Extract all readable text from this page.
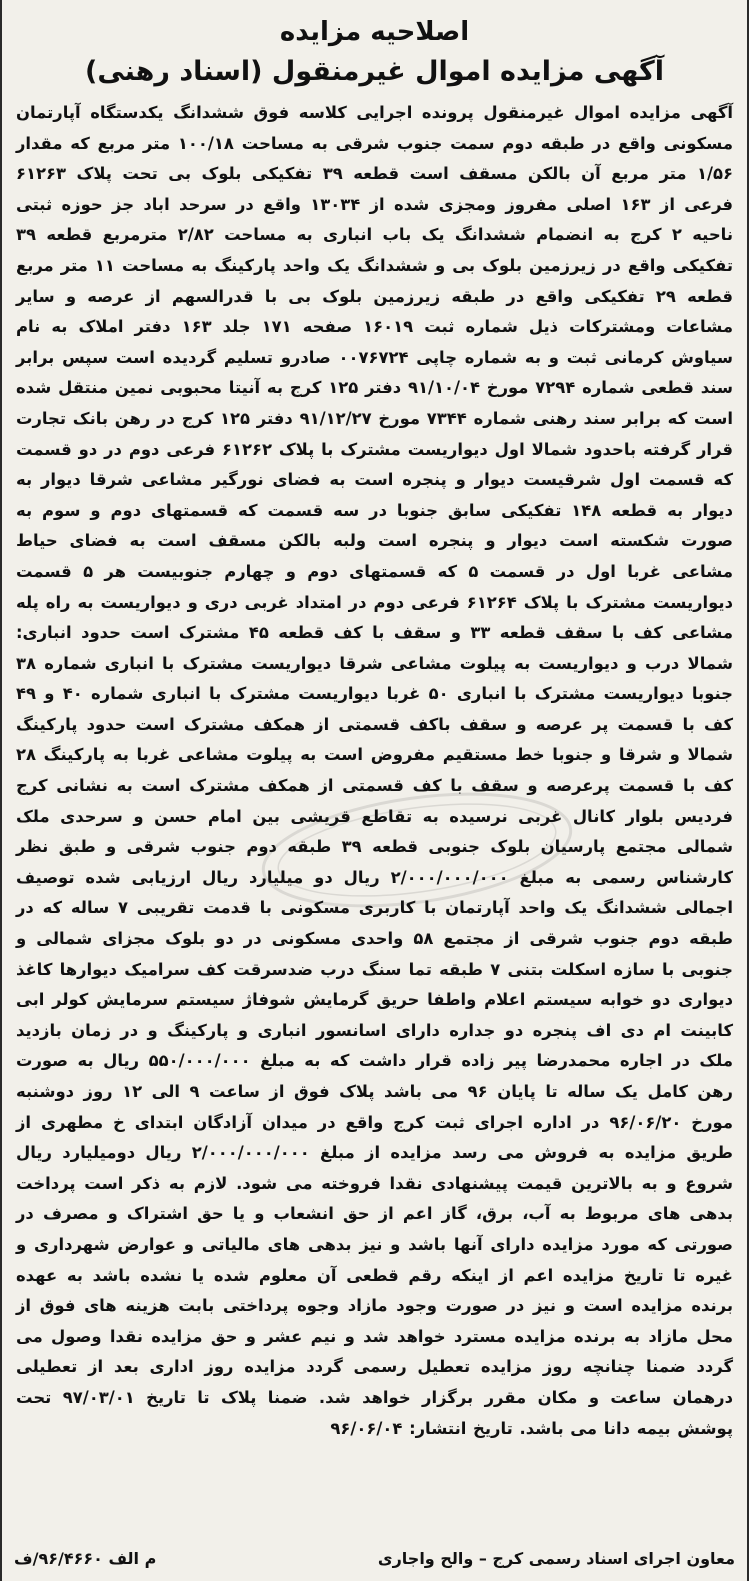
اصلاحیه مزایده
آگهی مزایده اموال غیرمنقول (اسناد رهنی)

آگهی مزایده اموال غیرمنقول پرونده اجرایی کلاسه فوق ششدانگ یکدستگاه آپارتمان مسکونی واقع در طبقه دوم سمت جنوب شرقی به مساحت ۱۰۰/۱۸ متر مربع که مقدار ۱/۵۶ متر مربع آن بالکن مسقف است قطعه ۳۹ تفکیکی بلوک بی تحت پلاک ۶۱۲۶۳ فرعی از ۱۶۳ اصلی مفروز ومجزی شده از ۱۳۰۳۴ واقع در سرحد اباد جز حوزه ثبتی ناحیه ۲ کرج به انضمام ششدانگ یک باب انباری به مساحت ۲/۸۲ مترمربع قطعه ۳۹ تفکیکی واقع در زیرزمین بلوک بی و ششدانگ یک واحد پارکینگ به مساحت ۱۱ متر مربع قطعه ۲۹ تفکیکی واقع در طبقه زیرزمین بلوک بی با قدرالسهم از عرصه و سایر مشاعات ومشترکات ذیل شماره ثبت ۱۶۰۱۹ صفحه ۱۷۱ جلد ۱۶۳ دفتر املاک به نام سیاوش کرمانی ثبت و به شماره چاپی ۰۰۷۶۷۲۴ صادرو تسلیم گردیده است سپس برابر سند قطعی شماره ۷۲۹۴ مورخ ۹۱/۱۰/۰۴ دفتر ۱۲۵ کرج به آنیتا محبوبی نمین منتقل شده است که برابر سند رهنی شماره ۷۳۴۴ مورخ ۹۱/۱۲/۲۷ دفتر ۱۲۵ کرج در رهن بانک تجارت قرار گرفته باحدود شمالا اول دیواریست مشترک با پلاک ۶۱۲۶۲ فرعی دوم در دو قسمت که قسمت اول شرقیست دیوار و پنجره است به فضای نورگیر مشاعی شرقا دیوار به دیوار به قطعه ۱۴۸ تفکیکی سابق جنوبا در سه قسمت که قسمتهای دوم و سوم به صورت شکسته است دیوار و پنجره است ولبه بالکن مسقف است به فضای حیاط مشاعی غربا اول در قسمت ۵ که قسمتهای دوم و چهارم جنوبیست هر ۵ قسمت دیواریست مشترک با پلاک ۶۱۲۶۴ فرعی دوم در امتداد غربی دری و دیواریست به راه پله مشاعی کف با سقف قطعه ۳۳ و سقف با کف قطعه ۴۵ مشترک است حدود انباری: شمالا درب و دیواریست به پیلوت مشاعی شرقا دیواریست مشترک با انباری شماره ۳۸ جنوبا دیواریست مشترک با انباری ۵۰ غربا دیواریست مشترک با انباری شماره ۴۰ و ۴۹ کف با قسمت پر عرصه و سقف باکف قسمتی از همکف مشترک است حدود پارکینگ شمالا و شرقا و جنوبا خط مستقیم مفروض است به پیلوت مشاعی غربا به پارکینگ ۲۸ کف با قسمت پرعرصه و سقف با کف قسمتی از همکف مشترک است به نشانی کرج فردیس بلوار کانال غربی نرسیده به تقاطع قریشی بین امام حسن و سرحدی ملک شمالی مجتمع پارسیان بلوک جنوبی قطعه ۳۹ طبقه دوم جنوب شرقی و طبق نظر کارشناس رسمی به مبلغ ۲/۰۰۰/۰۰۰/۰۰۰ ریال دو میلیارد ریال ارزیابی شده توصیف اجمالی ششدانگ یک واحد آپارتمان با کاربری مسکونی با قدمت تقریبی ۷ ساله که در طبقه دوم جنوب شرقی از مجتمع ۵۸ واحدی مسکونی در دو بلوک مجزای شمالی و جنوبی با سازه اسکلت بتنی ۷ طبقه تما سنگ درب ضدسرقت کف سرامیک دیوارها کاغذ دیواری دو خوابه سیستم اعلام واطفا حریق گرمایش شوفاژ سیستم سرمایش کولر ابی کابینت ام دی اف پنجره دو جداره دارای اسانسور انباری و پارکینگ و در زمان بازدید ملک در اجاره محمدرضا پیر زاده قرار داشت که به مبلغ ۵۵۰/۰۰۰/۰۰۰ ریال به صورت رهن کامل یک ساله تا پایان ۹۶ می باشد پلاک فوق از ساعت ۹ الی ۱۲ روز دوشنبه مورخ ۹۶/۰۶/۲۰ در اداره اجرای ثبت کرج واقع در میدان آزادگان ابتدای خ مطهری از طریق مزایده به فروش می رسد مزایده از مبلغ ۲/۰۰۰/۰۰۰/۰۰۰ ریال دومیلیارد ریال شروع و به بالاترین قیمت پیشنهادی نقدا فروخته می شود. لازم به ذکر است پرداخت بدهی های مربوط به آب، برق، گاز اعم از حق انشعاب و یا حق اشتراک و مصرف در صورتی که مورد مزایده دارای آنها باشد و نیز بدهی های مالیاتی و عوارض شهرداری و غیره تا تاریخ مزایده اعم از اینکه رقم قطعی آن معلوم شده یا نشده باشد به عهده برنده مزایده است و نیز در صورت وجود مازاد وجوه پرداختی بابت هزینه های فوق از محل مازاد به برنده مزایده مسترد خواهد شد و نیم عشر و حق مزایده نقدا وصول می گردد ضمنا چنانچه روز مزایده تعطیل رسمی گردد مزایده روز اداری بعد از تعطیلی درهمان ساعت و مکان مقرر برگزار خواهد شد. ضمنا پلاک تا تاریخ ۹۷/۰۳/۰۱ تحت پوشش بیمه دانا می باشد. تاریخ انتشار: ۹۶/۰۶/۰۴

معاون اجرای اسناد رسمی کرج – والح واجاری
م الف ۹۶/۴۶۶۰/ف
